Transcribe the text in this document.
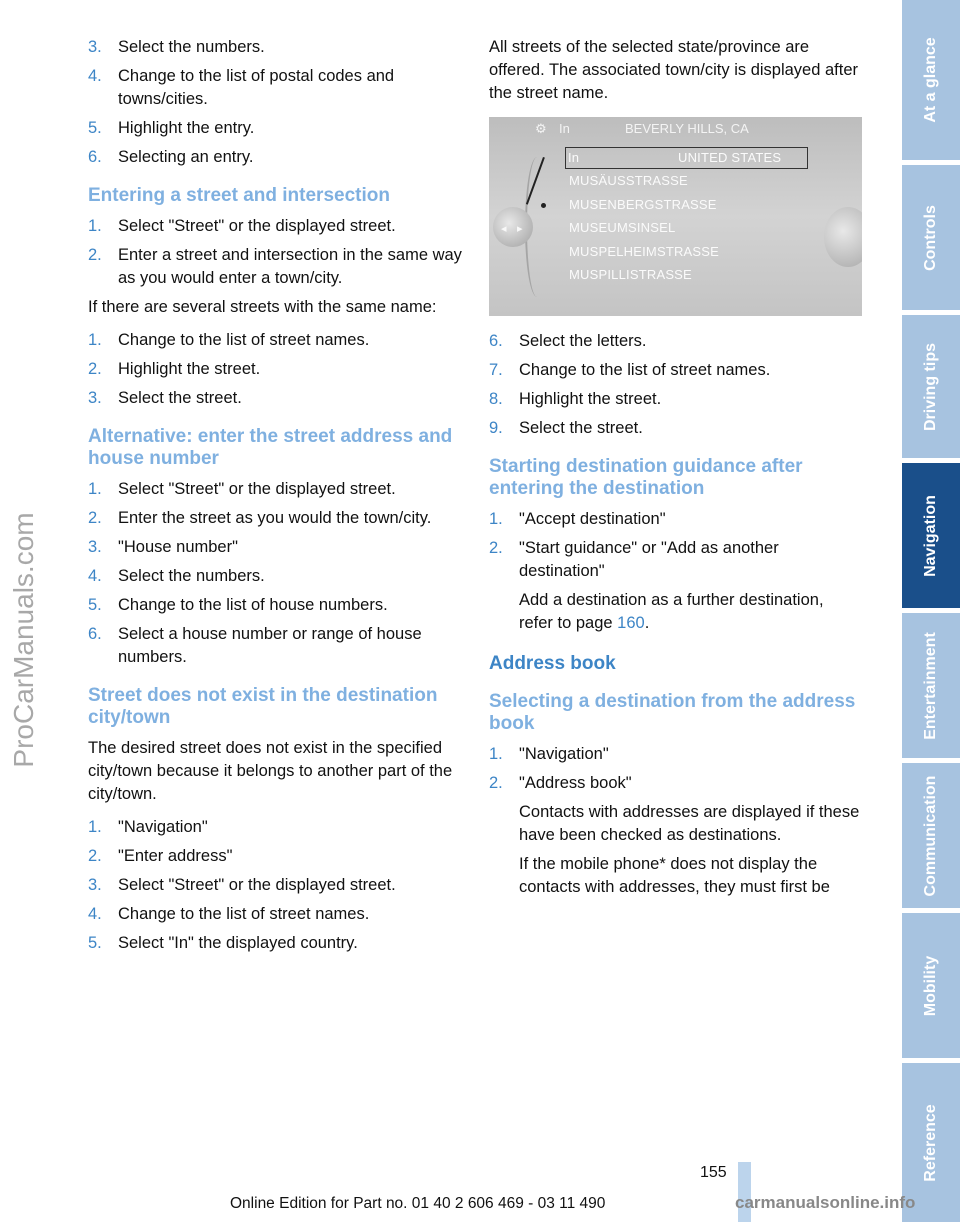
3. Select the numbers.
4. Change to the list of postal codes and towns/cities.
5. Highlight the entry.
6. Selecting an entry.
Entering a street and intersection
1. Select "Street" or the displayed street.
2. Enter a street and intersection in the same way as you would enter a town/city.

If there are several streets with the same name:

1. Change to the list of street names.
2. Highlight the street.
3. Select the street.
Alternative: enter the street address and house number
1. Select "Street" or the displayed street.
2. Enter the street as you would the town/city.
3. "House number"
4. Select the numbers.
5. Change to the list of house numbers.
6. Select a house number or range of house numbers.
Street does not exist in the destination city/town

The desired street does not exist in the specified city/town because it belongs to another part of the city/town.

1. "Navigation"
2. "Enter address"
3. Select "Street" or the displayed street.
4. Change to the list of street names.
5. Select "In" the displayed country.

All streets of the selected state/province are offered. The associated town/city is displayed after the street name.

⚙ In	BEVERLY HILLS, CA
◂ ▸
In	UNITED STATES
MUSÄUSSTRASSE
MUSENBERGSTRASSE
MUSEUMSINSEL
MUSPELHEIMSTRASSE
MUSPILLISTRASSE
6. Select the letters.
7. Change to the list of street names.
8. Highlight the street.
9. Select the street.
Starting destination guidance after entering the destination
1. "Accept destination"
2. "Start guidance" or "Add as another destination"
Add a destination as a further destination, refer to page 160.
Address book
Selecting a destination from the address book
1. "Navigation"
2. "Address book"
Contacts with addresses are displayed if these have been checked as destinations.
If the mobile phone* does not display the contacts with addresses, they must first be
At a glance
Controls
Driving tips
Navigation
Entertainment
Communication
Mobility
Reference
ProCarManuals.com
155
Online Edition for Part no. 01 40 2 606 469 - 03 11 490	carmanualsonline.info
